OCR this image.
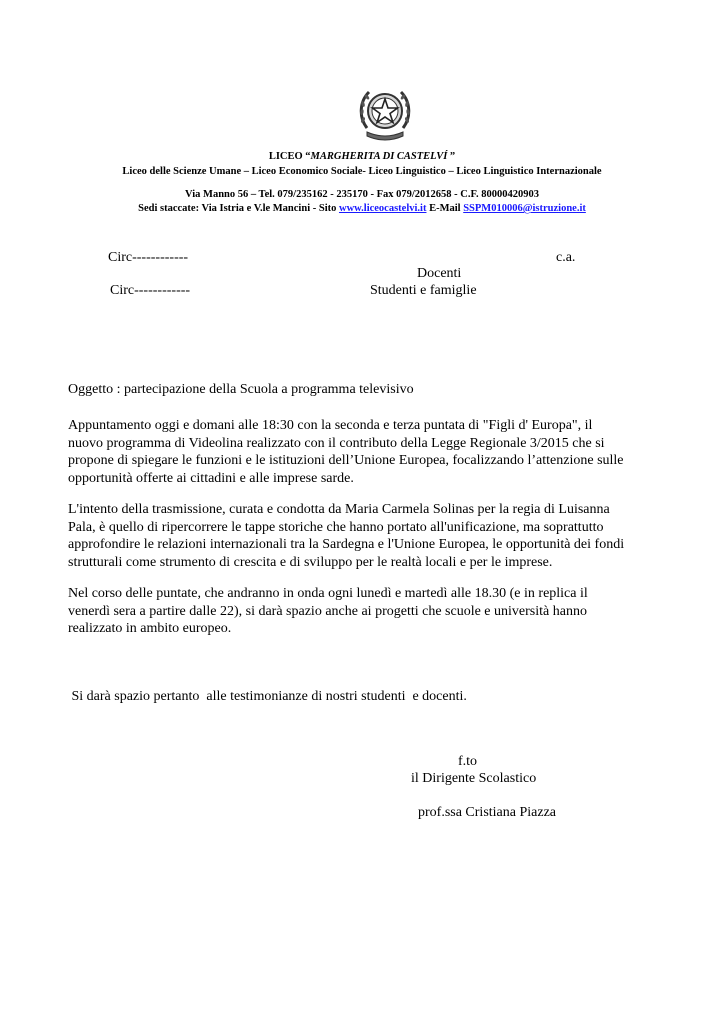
LICEO “MARGHERITA DI CASTELVÍ ”
Liceo delle Scienze Umane – Liceo Economico Sociale- Liceo Linguistico – Liceo Linguistico Internazionale
Via Manno 56 – Tel. 079/235162 - 235170 - Fax 079/2012658 - C.F. 80000420903
Sedi staccate: Via Istria e V.le Mancini - Sito www.liceocastelvi.it E-Mail SSPM010006@istruzione.it
Circ------------	c.a.
Docenti
Circ------------	Studenti e famiglie
Oggetto : partecipazione della Scuola a programma televisivo
Appuntamento oggi e domani alle 18:30 con la seconda e terza puntata di "Figli d' Europa", il
nuovo programma di Videolina realizzato con il contributo della Legge Regionale 3/2015 che si
propone di spiegare le funzioni e le istituzioni dell’Unione Europea, focalizzando l’attenzione sulle
opportunità offerte ai cittadini e alle imprese sarde.
L'intento della trasmissione, curata e condotta da Maria Carmela Solinas per la regia di Luisanna
Pala, è quello di ripercorrere le tappe storiche che hanno portato all'unificazione, ma soprattutto
approfondire le relazioni internazionali tra la Sardegna e l'Unione Europea, le opportunità dei fondi
strutturali come strumento di crescita e di sviluppo per le realtà locali e per le imprese.
Nel corso delle puntate, che andranno in onda ogni lunedì e martedì alle 18.30 (e in replica il
venerdì sera a partire dalle 22), si darà spazio anche ai progetti che scuole e università hanno
realizzato in ambito europeo.

Si darà spazio pertanto  alle testimonianze di nostri studenti  e docenti.

f.to
il Dirigente Scolastico
prof.ssa Cristiana Piazza
